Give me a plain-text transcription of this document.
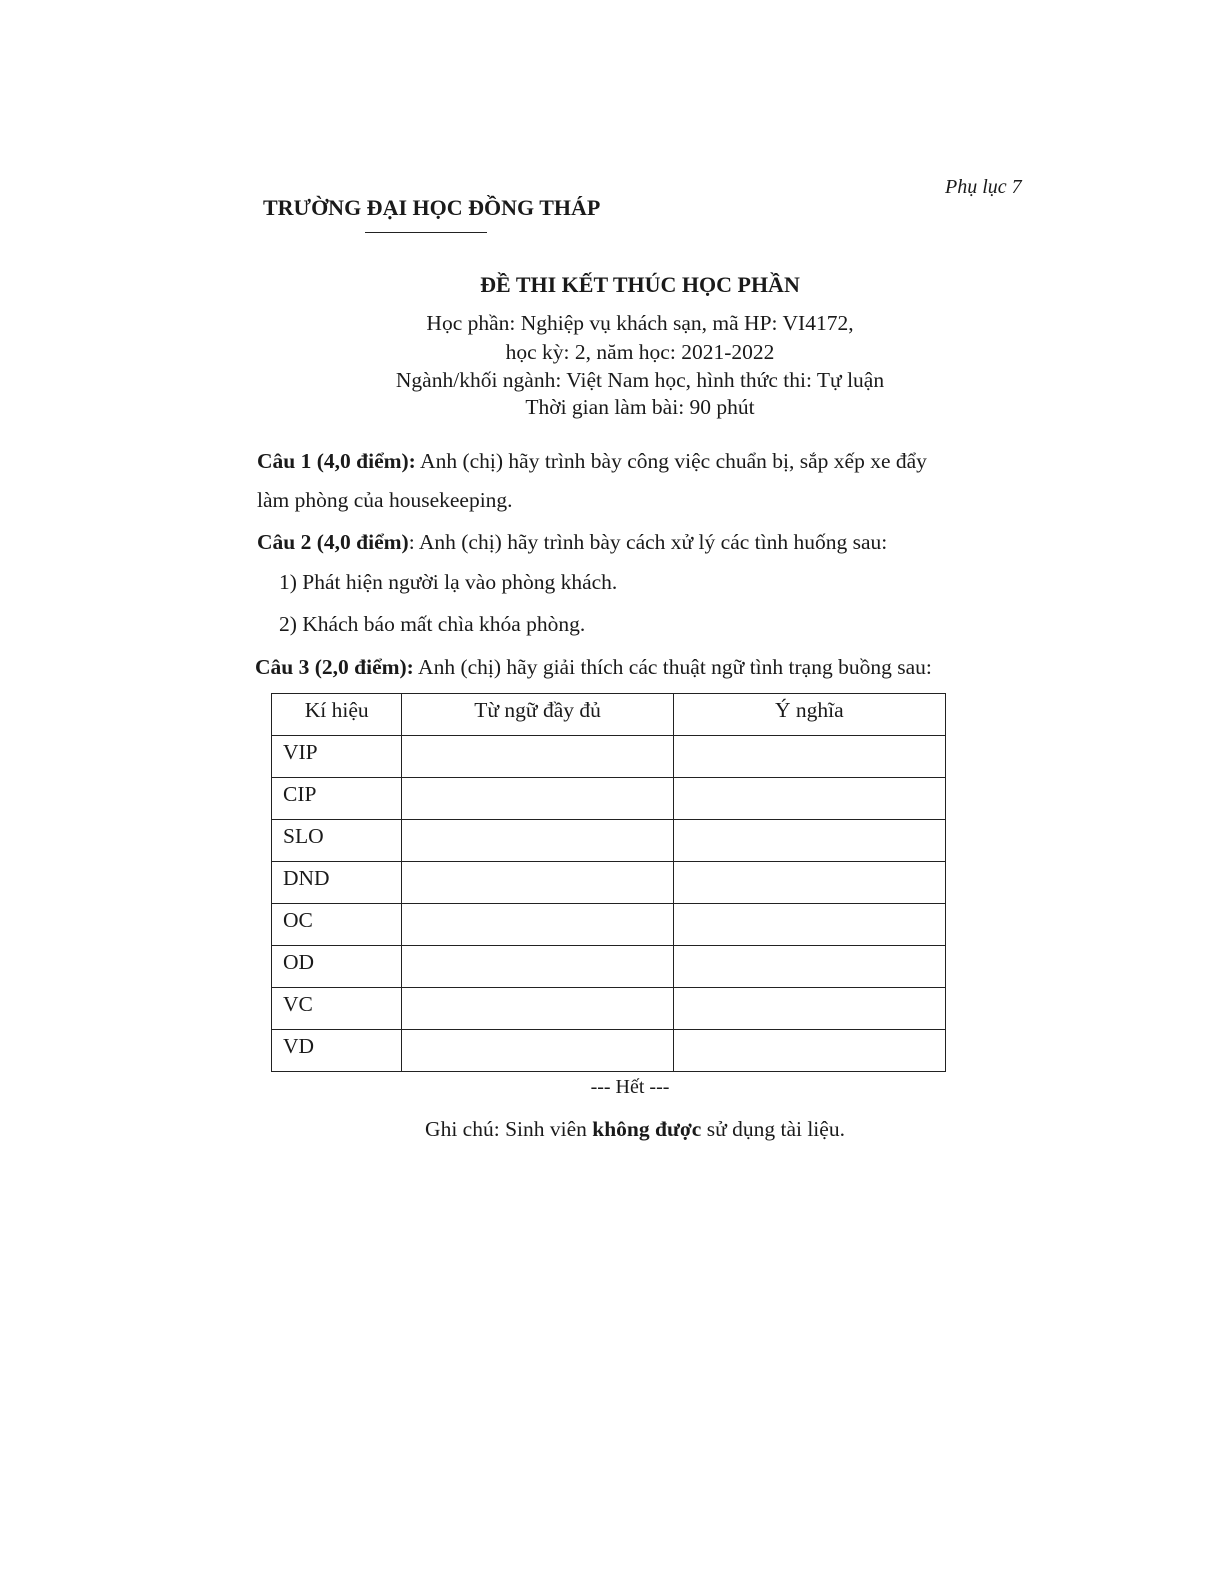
Phụ lục 7
TRƯỜNG ĐẠI HỌC ĐỒNG THÁP
ĐỀ THI KẾT THÚC HỌC PHẦN
Học phần: Nghiệp vụ khách sạn, mã HP: VI4172,
học kỳ: 2, năm học: 2021-2022
Ngành/khối ngành: Việt Nam học, hình thức thi: Tự luận
Thời gian làm bài: 90 phút
Câu 1 (4,0 điểm): Anh (chị) hãy trình bày công việc chuẩn bị, sắp xếp xe đẩy
làm phòng của housekeeping.
Câu 2 (4,0 điểm): Anh (chị) hãy trình bày cách xử lý các tình huống sau:
1) Phát hiện người lạ vào phòng khách.
2) Khách báo mất chìa khóa phòng.
Câu 3 (2,0 điểm): Anh (chị) hãy giải thích các thuật ngữ tình trạng buồng sau:
Kí hiệu	Từ ngữ đầy đủ	Ý nghĩa
VIP		
CIP		
SLO		
DND		
OC		
OD		
VC		
VD		
--- Hết ---
Ghi chú: Sinh viên không được sử dụng tài liệu.
